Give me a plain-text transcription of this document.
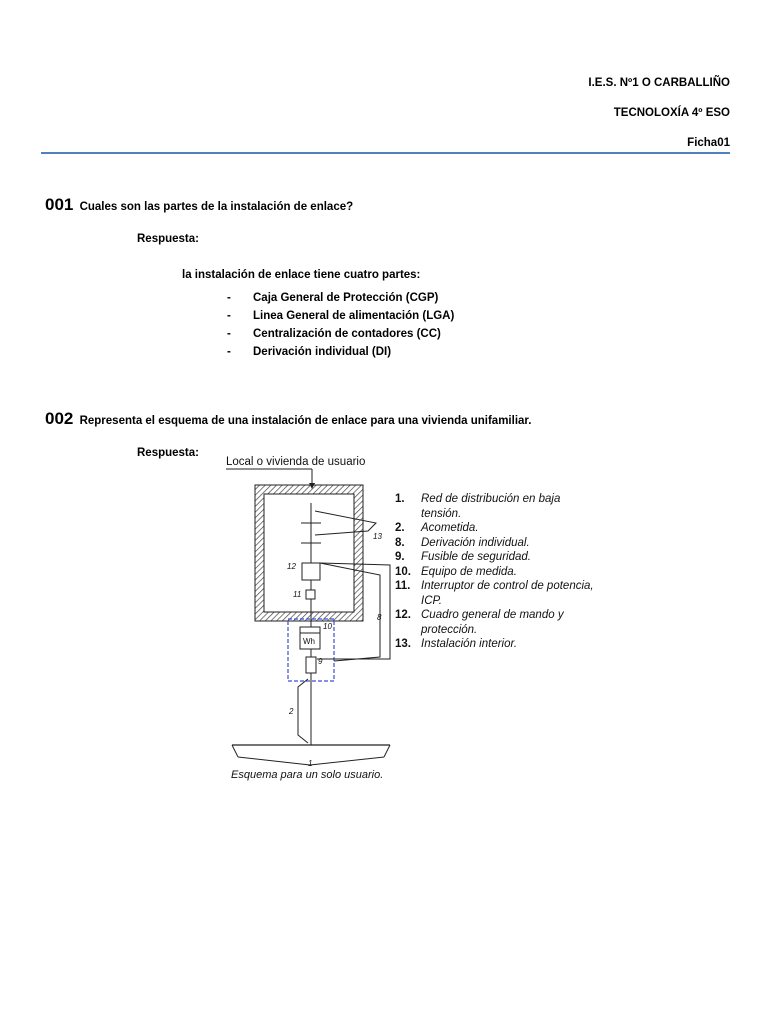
I.E.S. Nº1 O CARBALLIÑO
TECNOLOXÍA 4º ESO
Ficha01
001 Cuales son las partes de la instalación de enlace?
Respuesta:
la instalación de enlace tiene cuatro partes:
- Caja General de Protección (CGP)
- Linea General de alimentación (LGA)
- Centralización de contadores (CC)
- Derivación individual (DI)
002 Representa el esquema de una instalación de enlace para una vivienda unifamiliar.
Respuesta:
Local o vivienda de usuario
Wh
13
12
11
10
9
8
2
1
Esquema para un solo usuario.
1.	Red de distribución en baja tensión.
2.	Acometida.
8.	Derivación individual.
9.	Fusible de seguridad.
10. Equipo de medida.
11. Interruptor de control de potencia, ICP.
12. Cuadro general de mando y protección.
13. Instalación interior.
